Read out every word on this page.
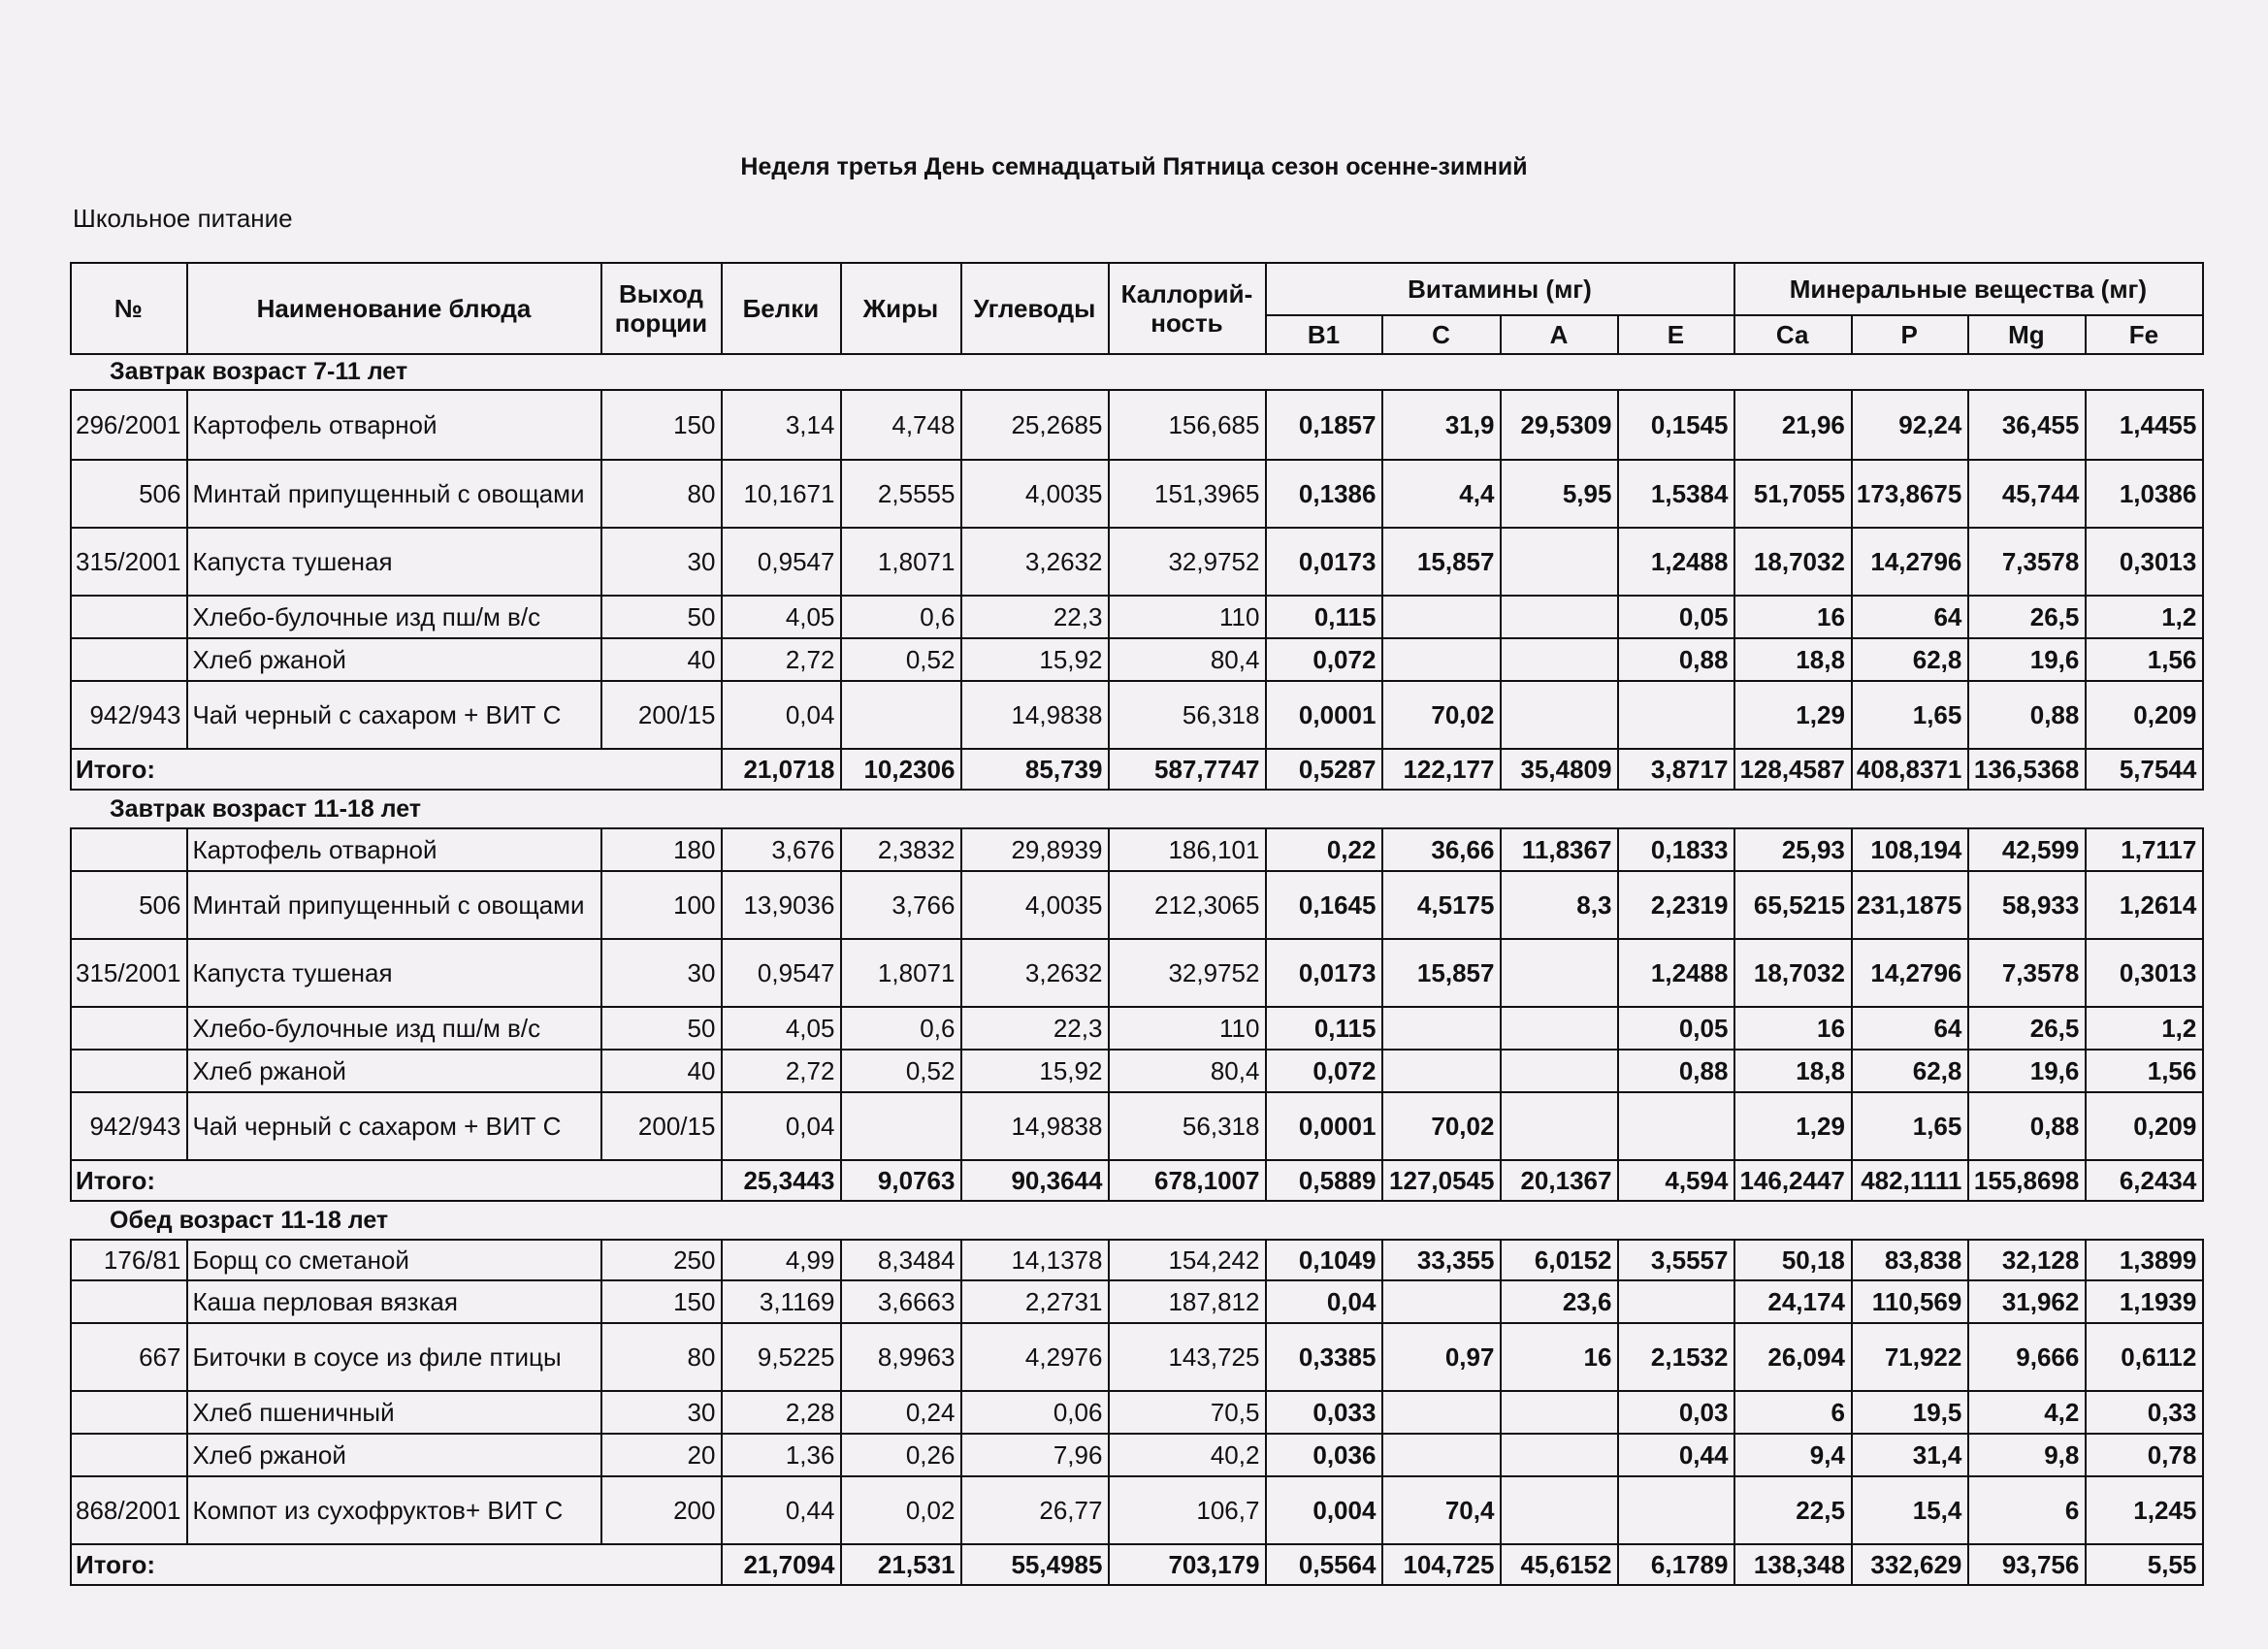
Неделя третья День семнадцатый Пятница сезон осенне-зимний
Школьное питание
№	Наименование блюда	Выход порции	Белки	Жиры	Углеводы	Каллорий-ность	Витамины (мг)				Минеральные вещества (мг)			
							В1	С	А	Е	Са	Р	Mg	Fe
Завтрак возраст 7-11 лет														
296/2001	Картофель отварной	150	3,14	4,748	25,2685	156,685	0,1857	31,9	29,5309	0,1545	21,96	92,24	36,455	1,4455
506	Минтай припущенный с овощами	80	10,1671	2,5555	4,0035	151,3965	0,1386	4,4	5,95	1,5384	51,7055	173,8675	45,744	1,0386
315/2001	Капуста тушеная	30	0,9547	1,8071	3,2632	32,9752	0,0173	15,857		1,2488	18,7032	14,2796	7,3578	0,3013
	Хлебо-булочные изд пш/м в/с	50	4,05	0,6	22,3	110	0,115			0,05	16	64	26,5	1,2
	Хлеб ржаной	40	2,72	0,52	15,92	80,4	0,072			0,88	18,8	62,8	19,6	1,56
942/943	Чай черный с сахаром + ВИТ С	200/15	0,04		14,9838	56,318	0,0001	70,02			1,29	1,65	0,88	0,209
Итого:			21,0718	10,2306	85,739	587,7747	0,5287	122,177	35,4809	3,8717	128,4587	408,8371	136,5368	5,7544
Завтрак возраст 11-18 лет														
	Картофель отварной	180	3,676	2,3832	29,8939	186,101	0,22	36,66	11,8367	0,1833	25,93	108,194	42,599	1,7117
506	Минтай припущенный с овощами	100	13,9036	3,766	4,0035	212,3065	0,1645	4,5175	8,3	2,2319	65,5215	231,1875	58,933	1,2614
315/2001	Капуста тушеная	30	0,9547	1,8071	3,2632	32,9752	0,0173	15,857		1,2488	18,7032	14,2796	7,3578	0,3013
	Хлебо-булочные изд пш/м в/с	50	4,05	0,6	22,3	110	0,115			0,05	16	64	26,5	1,2
	Хлеб ржаной	40	2,72	0,52	15,92	80,4	0,072			0,88	18,8	62,8	19,6	1,56
942/943	Чай черный с сахаром + ВИТ С	200/15	0,04		14,9838	56,318	0,0001	70,02			1,29	1,65	0,88	0,209
Итого:			25,3443	9,0763	90,3644	678,1007	0,5889	127,0545	20,1367	4,594	146,2447	482,1111	155,8698	6,2434
Обед возраст 11-18 лет														
176/81	Борщ со сметаной	250	4,99	8,3484	14,1378	154,242	0,1049	33,355	6,0152	3,5557	50,18	83,838	32,128	1,3899
	Каша перловая вязкая	150	3,1169	3,6663	2,2731	187,812	0,04		23,6		24,174	110,569	31,962	1,1939
667	Биточки в соусе из филе птицы	80	9,5225	8,9963	4,2976	143,725	0,3385	0,97	16	2,1532	26,094	71,922	9,666	0,6112
	Хлеб пшеничный	30	2,28	0,24	0,06	70,5	0,033			0,03	6	19,5	4,2	0,33
	Хлеб ржаной	20	1,36	0,26	7,96	40,2	0,036			0,44	9,4	31,4	9,8	0,78
868/2001	Компот из сухофруктов+ ВИТ С	200	0,44	0,02	26,77	106,7	0,004	70,4			22,5	15,4	6	1,245
Итого:			21,7094	21,531	55,4985	703,179	0,5564	104,725	45,6152	6,1789	138,348	332,629	93,756	5,55
